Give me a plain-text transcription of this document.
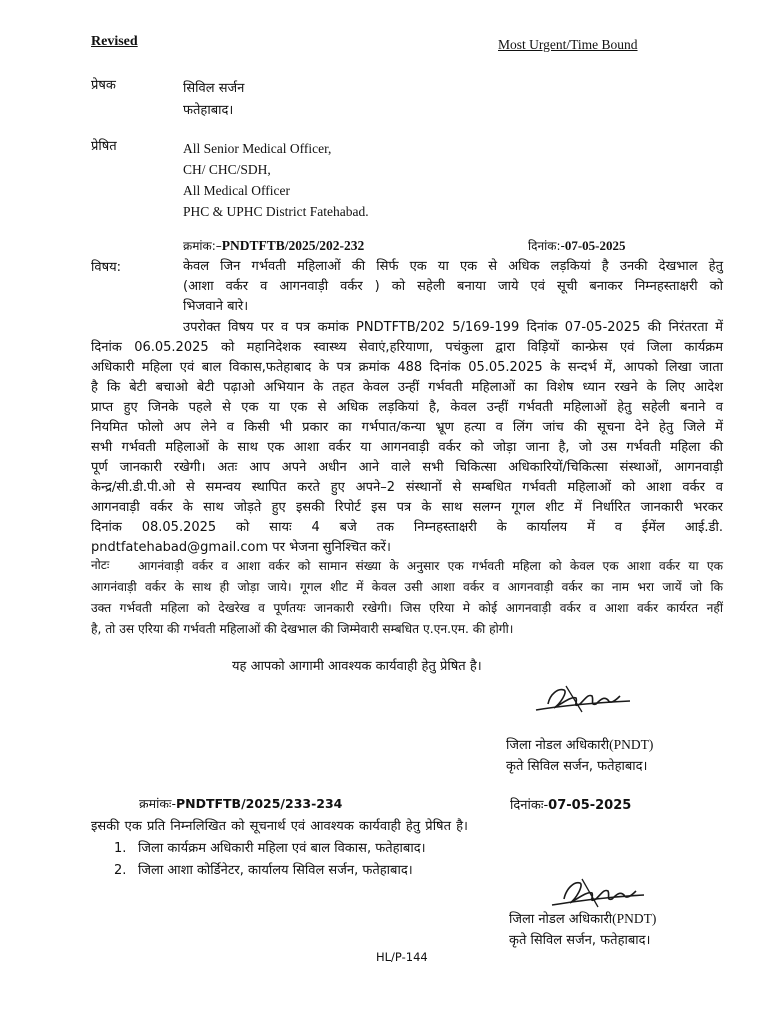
Revised	Most Urgent/Time Bound
प्रेषक	सिविल सर्जन
फतेहाबाद।
प्रेषित	All Senior Medical Officer,
CH/ CHC/SDH,
All Medical Officer
PHC & UPHC District Fatehabad.
क्रमांक:–PNDTFTB/2025/202-232	दिनांक:-07-05-2025
विषय:	केवल जिन गर्भवती महिलाओं की सिर्फ एक या एक से अधिक लड़कियां है उनकी देखभाल हेतु
(आशा वर्कर व आगनवाड़ी वर्कर ) को सहेली बनाया जाये एवं सूची बनाकर निम्नहस्ताक्षरी को
भिजवाने बारे।
उपरोक्त विषय पर व पत्र कमांक PNDTFTB/202 5/169-199 दिनांक 07-05-2025 की निरंतरता में
दिनांक 06.05.2025 को महानिदेशक स्वास्थ्य सेवाएं,हरियाणा, पचंकुला द्वारा विड़ियों कान्फ्रेस एवं जिला कार्यक्रम
अधिकारी महिला एवं बाल विकास,फतेहाबाद के पत्र क्रमांक 488 दिनांक 05.05.2025 के सन्दर्भ में, आपको लिखा जाता
है कि बेटी बचाओ बेटी पढ़ाओ अभियान के तहत केवल उन्हीं गर्भवती महिलाओं का विशेष ध्यान रखने के लिए आदेश
प्राप्त हुए जिनके पहले से एक या एक से अधिक लड़कियां है, केवल उन्हीं गर्भवती महिलाओं हेतु सहेली बनाने व
नियमित फोलो अप लेने व किसी भी प्रकार का गर्भपात/कन्या भ्रूण हत्या व लिंग जांच की सूचना देने हेतु जिले में
सभी गर्भवती महिलाओं के साथ एक आशा वर्कर या आगनवाड़ी वर्कर को जोड़ा जाना है, जो उस गर्भवती महिला की
पूर्ण जानकारी रखेगी। अतः आप अपने अधीन आने वाले सभी चिकित्सा अधिकारियों/चिकित्सा संस्थाओं, आगनवाड़ी
केन्द्र/सी.डी.पी.ओ से समन्वय स्थापित करते हुए अपने–2 संस्थानों से सम्बधित गर्भवती महिलाओं को आशा वर्कर व
आगनवाड़ी वर्कर के साथ जोड़ते हुए इसकी रिपोर्ट इस पत्र के साथ सलग्न गूगल शीट में निर्धारित जानकारी भरकर
दिनांक 08.05.2025 को सायः 4 बजे तक निम्नहस्ताक्षरी के कार्यालय में व ईमेंल आई.डी.
pndtfatehabad@gmail.com पर भेजना सुनिश्चित करें।
नोटः	आगनंवाड़ी वर्कर व आशा वर्कर को सामान संख्या के अनुसार एक गर्भवती महिला को केवल एक आशा वर्कर या एक
आगनंवाड़ी वर्कर के साथ ही जोड़ा जाये। गूगल शीट में केवल उसी आशा वर्कर व आगनवाड़ी वर्कर का नाम भरा जायें जो कि
उक्त गर्भवती महिला को देखरेख व पूर्णतयः जानकारी रखेगी। जिस एरिया मे कोई आगनवाड़ी वर्कर व आशा वर्कर कार्यरत नहीं
है, तो उस एरिया की गर्भवती महिलाओं की देखभाल की जिम्मेवारी सम्बधित ए.एन.एम. की होगी।
यह आपको आगामी आवश्यक कार्यवाही हेतु प्रेषित है।
जिला नोडल अधिकारी(PNDT)
कृते सिविल सर्जन, फतेहाबाद।
क्रमांकः-PNDTFTB/2025/233-234	दिनांकः-07-05-2025
इसकी एक प्रति निम्नलिखित को सूचनार्थ एवं आवश्यक कार्यवाही हेतु प्रेषित है।
1. जिला कार्यक्रम अधिकारी महिला एवं बाल विकास, फतेहाबाद।
2. जिला आशा कोर्डिनेटर, कार्यालय सिविल सर्जन, फतेहाबाद।
जिला नोडल अधिकारी(PNDT)
कृते सिविल सर्जन, फतेहाबाद।
HL/P-144
